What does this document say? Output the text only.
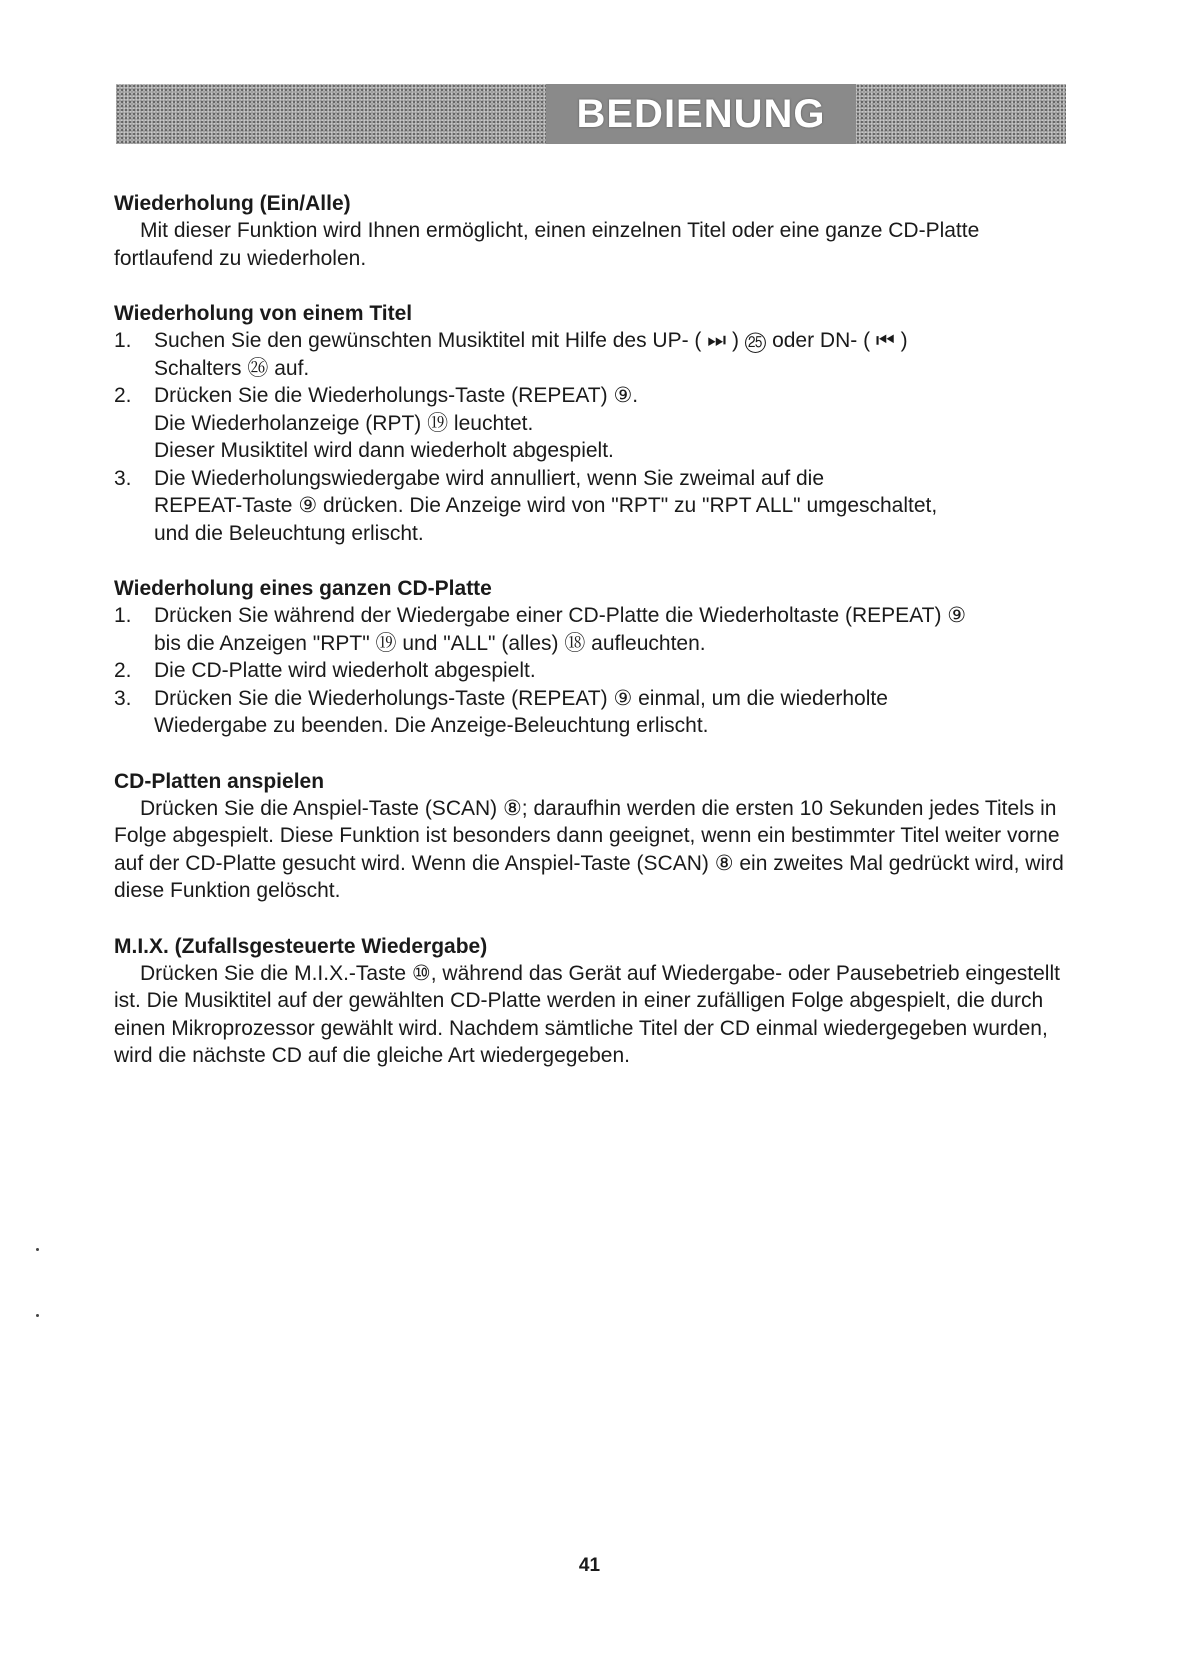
BEDIENUNG
Wiederholung (Ein/Alle)

Mit dieser Funktion wird Ihnen ermöglicht, einen einzelnen Titel oder eine ganze CD-Platte fortlaufend zu wiederholen.

Wiederholung von einem Titel
1.	Suchen Sie den gewünschten Musiktitel mit Hilfe des UP- ( ⏭ ) ㉕ oder DN- ( ⏮ )
Schalters ㉖ auf.
2.	Drücken Sie die Wiederholungs-Taste (REPEAT) ⑨.
Die Wiederholanzeige (RPT) ⑲ leuchtet.
Dieser Musiktitel wird dann wiederholt abgespielt.
3.	Die Wiederholungswiedergabe wird annulliert, wenn Sie zweimal auf die
REPEAT-Taste ⑨ drücken. Die Anzeige wird von "RPT" zu "RPT ALL" umgeschaltet,
und die Beleuchtung erlischt.
Wiederholung eines ganzen CD-Platte
1.	Drücken Sie während der Wiedergabe einer CD-Platte die Wiederholtaste (REPEAT) ⑨
bis die Anzeigen "RPT" ⑲ und "ALL" (alles) ⑱ aufleuchten.
2.	Die CD-Platte wird wiederholt abgespielt.
3.	Drücken Sie die Wiederholungs-Taste (REPEAT) ⑨ einmal, um die wiederholte
Wiedergabe zu beenden. Die Anzeige-Beleuchtung erlischt.
CD-Platten anspielen

Drücken Sie die Anspiel-Taste (SCAN) ⑧; daraufhin werden die ersten 10 Sekunden jedes Titels in Folge abgespielt. Diese Funktion ist besonders dann geeignet, wenn ein bestimmter Titel weiter vorne auf der CD-Platte gesucht wird. Wenn die Anspiel-Taste (SCAN) ⑧ ein zweites Mal gedrückt wird, wird diese Funktion gelöscht.

M.I.X. (Zufallsgesteuerte Wiedergabe)

Drücken Sie die M.I.X.-Taste ⑩, während das Gerät auf Wiedergabe- oder Pausebetrieb eingestellt ist. Die Musiktitel auf der gewählten CD-Platte werden in einer zufälligen Folge abgespielt, die durch einen Mikroprozessor gewählt wird. Nachdem sämtliche Titel der CD einmal wiedergegeben wurden, wird die nächste CD auf die gleiche Art wiedergegeben.

41
